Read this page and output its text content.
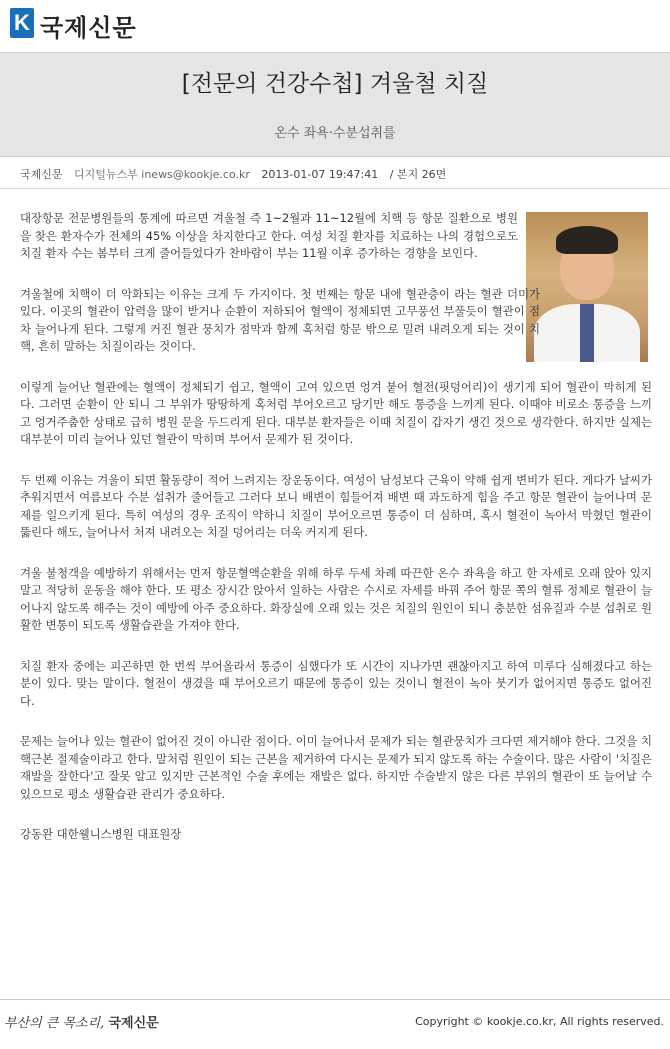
K 국제신문
[전문의 건강수첩] 겨울철 치질
온수 좌욕·수분섭취를
국제신문 디지털뉴스부 inews@kookje.co.kr 2013-01-07 19:47:41 / 본지 26면

대장항문 전문병원들의 통계에 따르면 겨울철 즉 1~2월과 11~12월에 치핵 등 항문 질환으로 병원을 찾은 환자수가 전체의 45% 이상을 차지한다고 한다. 여성 치질 환자를 치료하는 나의 경험으로도 치질 환자 수는 봄부터 크게 줄어들었다가 찬바람이 부는 11월 이후 증가하는 경향을 보인다.

겨울철에 치핵이 더 악화되는 이유는 크게 두 가지이다. 첫 번째는 항문 내에 혈관층이 라는 혈관 더미가 있다. 이곳의 혈관이 압력을 많이 받거나 순환이 저하되어 혈액이 정체되면 고무풍선 부풀듯이 혈관이 점차 늘어나게 된다. 그렇게 커진 혈관 뭉치가 점막과 함께 혹처럼 항문 밖으로 밀려 내려오게 되는 것이 치핵, 흔히 말하는 치질이라는 것이다.

이렇게 늘어난 혈관에는 혈액이 정체되기 쉽고, 혈액이 고여 있으면 엉겨 붙어 혈전(핏덩어리)이 생기게 되어 혈관이 막히게 된다. 그러면 순환이 안 되니 그 부위가 땅땅하게 혹처럼 부어오르고 당기만 해도 통증을 느끼게 된다. 이때야 비로소 통증을 느끼고 엉거주춤한 상태로 급히 병원 문을 두드리게 된다. 대부분 환자들은 이때 치질이 갑자기 생긴 것으로 생각한다. 하지만 실제는 대부분이 미리 늘어나 있던 혈관이 막히며 부어서 문제가 된 것이다.

두 번째 이유는 겨울이 되면 활동량이 적어 느려지는 장운동이다. 여성이 남성보다 근육이 약해 쉽게 변비가 된다. 게다가 날씨가 추워지면서 여름보다 수분 섭취가 줄어들고 그러다 보니 배변이 힘들어져 배변 때 과도하게 힘을 주고 항문 혈관이 늘어나며 문제를 일으키게 된다. 특히 여성의 경우 조직이 약하니 치질이 부어오르면 통증이 더 심하며, 혹시 혈전이 녹아서 막혔던 혈관이 뚫린다 해도, 늘어나서 처져 내려오는 치질 덩어리는 더욱 커지게 된다.

겨울 불청객을 예방하기 위해서는 먼저 항문혈액순환을 위해 하루 두세 차례 따끈한 온수 좌욕을 하고 한 자세로 오래 앉아 있지 말고 적당히 운동을 해야 한다. 또 평소 장시간 앉아서 일하는 사람은 수시로 자세를 바꿔 주어 항문 쪽의 혈류 정체로 혈관이 늘어나지 않도록 해주는 것이 예방에 아주 중요하다. 화장실에 오래 있는 것은 치질의 원인이 되니 충분한 섬유질과 수분 섭취로 원활한 변통이 되도록 생활습관을 가져야 한다.

치질 환자 중에는 피곤하면 한 번씩 부어올라서 통증이 심했다가 또 시간이 지나가면 괜찮아지고 하여 미루다 심해졌다고 하는 분이 있다. 맞는 말이다. 혈전이 생겼을 때 부어오르기 때문에 통증이 있는 것이니 혈전이 녹아 붓기가 없어지면 통증도 없어진다.

문제는 늘어나 있는 혈관이 없어진 것이 아니란 점이다. 이미 늘어나서 문제가 되는 혈관뭉치가 크다면 제거해야 한다. 그것을 치핵근본 절제술이라고 한다. 말처럼 원인이 되는 근본을 제거하여 다시는 문제가 되지 않도록 하는 수술이다. 많은 사람이 '치질은 재발을 잘한다'고 잘못 알고 있지만 근본적인 수술 후에는 재발은 없다. 하지만 수술받지 않은 다른 부위의 혈관이 또 늘어날 수 있으므로 평소 생활습관 관리가 중요하다.

강동완 대한웰니스병원 대표원장

부산의 큰 목소리, 국제신문	Copyright © kookje.co.kr, All rights reserved.
